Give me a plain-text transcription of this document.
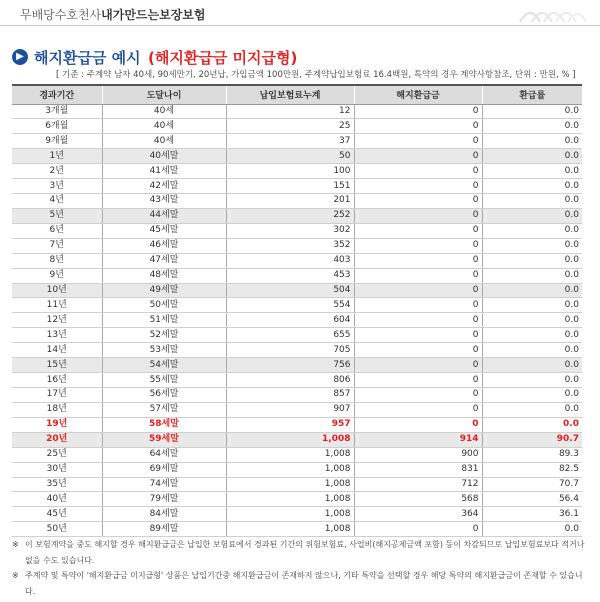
무배당수호천사내가만드는보장보험
▶ 해지환급금 예시 (해지환급금 미지급형)
[ 기준 : 주계약 남자 40세, 90세만기, 20년납, 가입금액 100만원, 주계약납입보험료 16.4백원, 특약의 경우 계약사항참조, 단위 : 만원, % ]
경과기간	도달나이	납입보험료누계	해지환급금	환급률
3개월	40세	12	0	0.0
6개월	40세	25	0	0.0
9개월	40세	37	0	0.0
1년	40세말	50	0	0.0
2년	41세말	100	0	0.0
3년	42세말	151	0	0.0
4년	43세말	201	0	0.0
5년	44세말	252	0	0.0
6년	45세말	302	0	0.0
7년	46세말	352	0	0.0
8년	47세말	403	0	0.0
9년	48세말	453	0	0.0
10년	49세말	504	0	0.0
11년	50세말	554	0	0.0
12년	51세말	604	0	0.0
13년	52세말	655	0	0.0
14년	53세말	705	0	0.0
15년	54세말	756	0	0.0
16년	55세말	806	0	0.0
17년	56세말	857	0	0.0
18년	57세말	907	0	0.0
19년	58세말	957	0	0.0
20년	59세말	1,008	914	90.7
25년	64세말	1,008	900	89.3
30년	69세말	1,008	831	82.5
35년	74세말	1,008	712	70.7
40년	79세말	1,008	568	56.4
45년	84세말	1,008	364	36.1
50년	89세말	1,008	0	0.0
※ 이 보험계약을 중도 해지할 경우 해지환급금은 납입한 보험료에서 경과된 기간의 위험보험료, 사업비(해지공제금액 포함) 등이 차감되므로 납입보험료보다 적거나 없을 수도 있습니다.
※ 주계약 및 특약이 '해지환급금 미지급형' 상품은 납입기간중 해지환급금이 존재하지 않으나, 기타 특약을 선택할 경우 해당 특약의 해지환급금이 존재할 수 있습니다.
